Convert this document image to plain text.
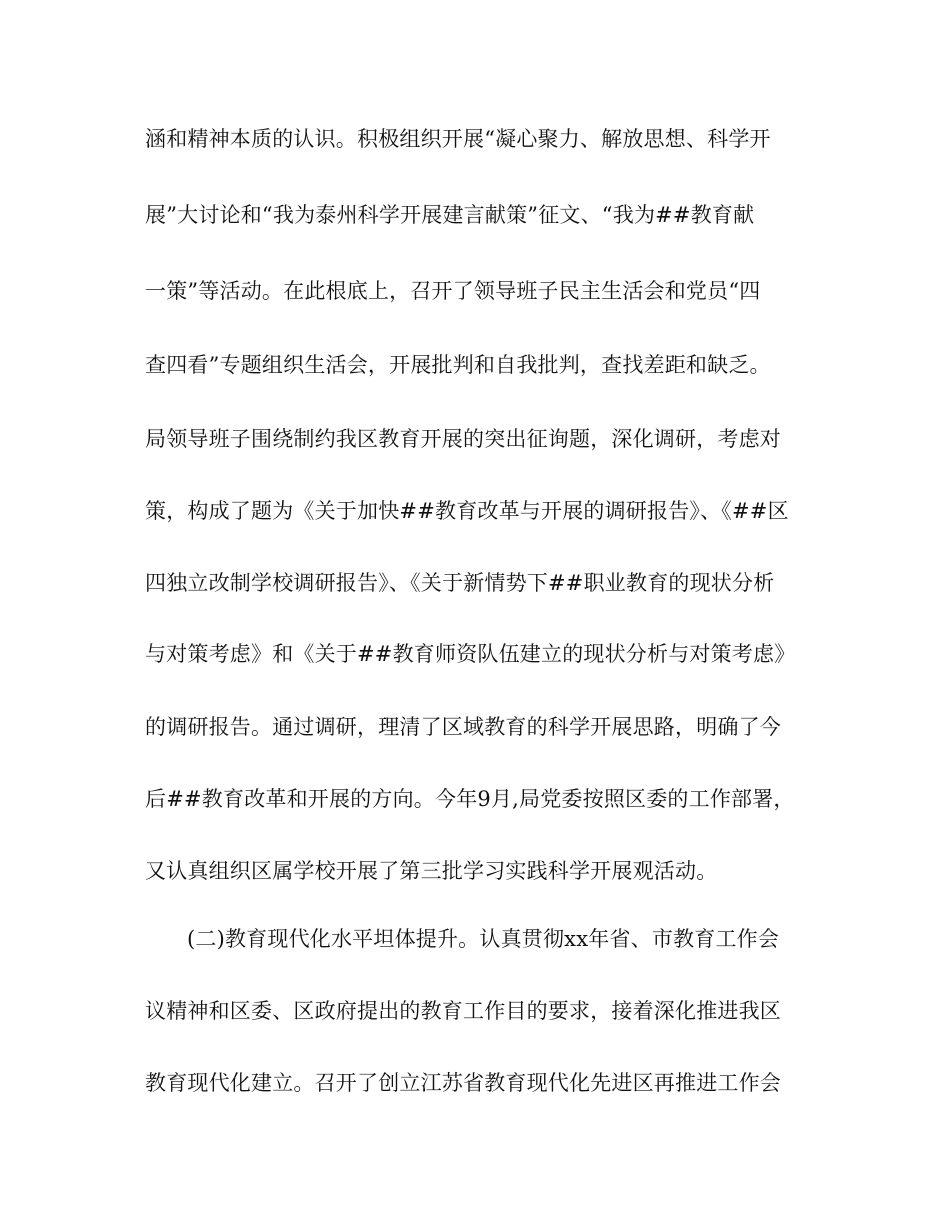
涵和精神本质的认识。积极组织开展“凝心聚力、解放思想、科学开
展”大讨论和“我为泰州科学开展建言献策”征文、“我为##教育献
一策”等活动。在此根底上，召开了领导班子民主生活会和党员“四
查四看”专题组织生活会，开展批判和自我批判，查找差距和缺乏。
局领导班子围绕制约我区教育开展的突出征询题，深化调研，考虑对
策，构成了题为《关于加快##教育改革与开展的调研报告》、《##区
四独立改制学校调研报告》、《关于新情势下##职业教育的现状分析
与对策考虑》和《关于##教育师资队伍建立的现状分析与对策考虑》
的调研报告。通过调研，理清了区域教育的科学开展思路，明确了今
后##教育改革和开展的方向。今年9月,局党委按照区委的工作部署，
又认真组织区属学校开展了第三批学习实践科学开展观活动。
(二)教育现代化水平坦体提升。认真贯彻xx年省、市教育工作会
议精神和区委、区政府提出的教育工作目的要求，接着深化推进我区
教育现代化建立。召开了创立江苏省教育现代化先进区再推进工作会
